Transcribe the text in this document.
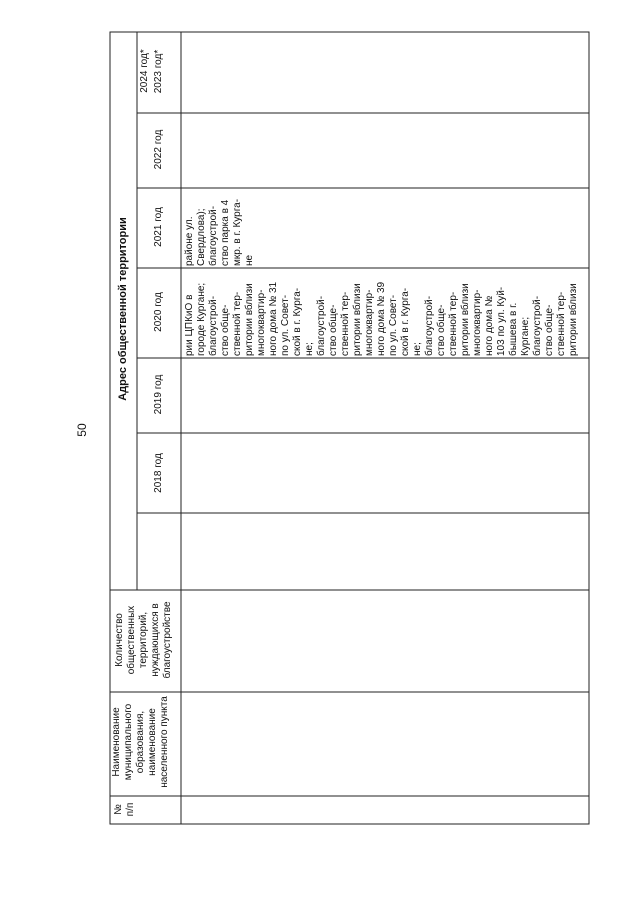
50
№
п/п
Наименование
муниципального
образования,
наименование
населенного пункта
Количество
общественных
территорий,
нуждающихся в
благоустройстве
Адрес общественной территории
2018 год
2019 год
2020 год
2021 год
2022 год
2023 год*
рии ЦПКиО в
городе Кургане;
благоустрой-
ство обще-
ственной тер-
ритории вблизи
многоквартир-
ного дома № 31
по ул. Совет-
ской в г. Курга-
не;
благоустрой-
ство обще-
ственной тер-
ритории вблизи
многоквартир-
ного дома № 39
по ул. Совет-
ской в г. Курга-
не;
благоустрой-
ство обще-
ственной тер-
ритории вблизи
многоквартир-
ного дома №
103 по ул. Куй-
бышева в г.
Кургане;
благоустрой-
ство обще-
ственной тер-
ритории вблизи
районе ул.
Свердлова);
благоустрой-
ство парка в 4
мкр. в г. Курга-
не
2024 год*
